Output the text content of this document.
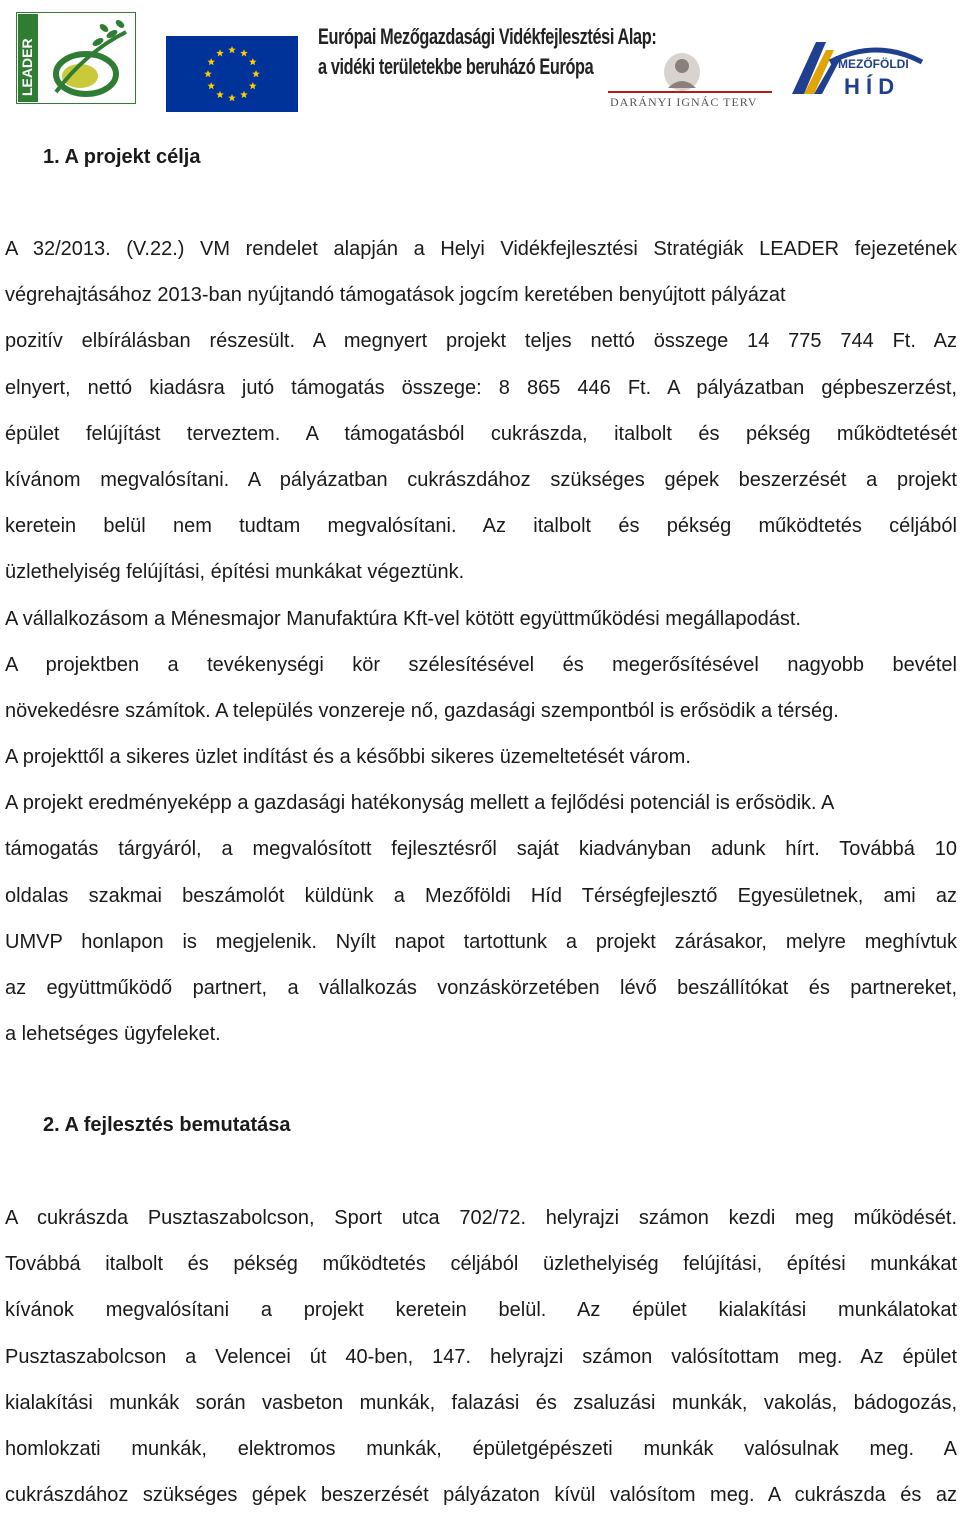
LEADER
Európai Mezőgazdasági Vidékfejlesztési Alap:
a vidéki területekbe beruházó Európa
DARÁNYI IGNÁC TERV
MEZŐFÖLDI
H Í D
1. A projekt célja
A 32/2013. (V.22.) VM rendelet alapján a Helyi Vidékfejlesztési Stratégiák LEADER fejezetének
végrehajtásához 2013-ban nyújtandó támogatások jogcím keretében benyújtott pályázat
pozitív elbírálásban részesült. A megnyert projekt teljes nettó összege 14 775 744 Ft. Az
elnyert, nettó kiadásra jutó támogatás összege: 8 865 446 Ft. A pályázatban gépbeszerzést,
épület felújítást terveztem. A támogatásból cukrászda, italbolt és pékség működtetését
kívánom megvalósítani. A pályázatban cukrászdához szükséges gépek beszerzését a projekt
keretein belül nem tudtam megvalósítani. Az italbolt és pékség működtetés céljából
üzlethelyiség felújítási, építési munkákat végeztünk.
A vállalkozásom a Ménesmajor Manufaktúra Kft-vel kötött együttműködési megállapodást.
A projektben a tevékenységi kör szélesítésével és megerősítésével nagyobb bevétel
növekedésre számítok. A település vonzereje nő, gazdasági szempontból is erősödik a térség.
A projekttől a sikeres üzlet indítást és a későbbi sikeres üzemeltetését várom.
A projekt eredményeképp a gazdasági hatékonyság mellett a fejlődési potenciál is erősödik. A
támogatás tárgyáról, a megvalósított fejlesztésről saját kiadványban adunk hírt. Továbbá 10
oldalas szakmai beszámolót küldünk a Mezőföldi Híd Térségfejlesztő Egyesületnek, ami az
UMVP honlapon is megjelenik. Nyílt napot tartottunk a projekt zárásakor, melyre meghívtuk
az együttműködő partnert, a vállalkozás vonzáskörzetében lévő beszállítókat és partnereket,
a lehetséges ügyfeleket.
2. A fejlesztés bemutatása
A cukrászda Pusztaszabolcson, Sport utca 702/72. helyrajzi számon kezdi meg működését.
Továbbá italbolt és pékség működtetés céljából üzlethelyiség felújítási, építési munkákat
kívánok megvalósítani a projekt keretein belül. Az épület kialakítási munkálatokat
Pusztaszabolcson a Velencei út 40-ben, 147. helyrajzi számon valósítottam meg. Az épület
kialakítási munkák során vasbeton munkák, falazási és zsaluzási munkák, vakolás, bádogozás,
homlokzati munkák, elektromos munkák, épületgépészeti munkák valósulnak meg. A
cukrászdához szükséges gépek beszerzését pályázaton kívül valósítom meg. A cukrászda és az
